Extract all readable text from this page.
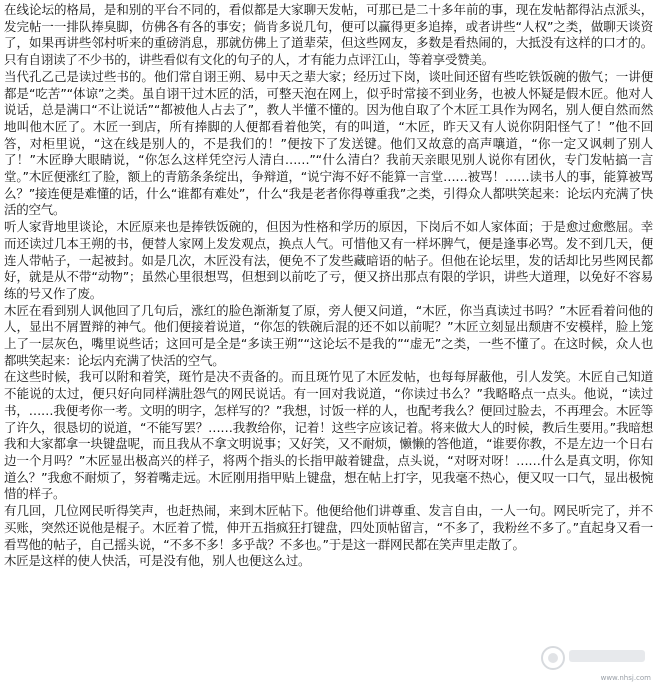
在线论坛的格局，是和别的平台不同的，看似都是大家聊天发帖，可那已是二十多年前的事，现在发帖都得沾点派头，发完帖一一排队捧臭脚，仿佛各有各的事安；倘肯多说几句，便可以赢得更多追捧，或者讲些“人权”之类，做聊天谈资了，如果再讲些邻村听来的重磅消息，那就仿佛上了道辈荣，但这些网友，多数是看热闹的，大抵没有这样的口才的。只有自诩读了不少书的，讲些看似有文化的句子的人，才有能力点评江山，等着享受赞美。

当代孔乙己是读过些书的。他们常自诩王朔、易中天之辈大家；经历过下岗，谈吐间还留有些吃铁饭碗的傲气；一讲便都是“吃苦”“体谅”之类。虽自诩干过木匠的活，可整天泡在网上，似乎时常接不到业务，也被人怀疑是假木匠。他对人说话，总是满口“不让说话”“都被他人占去了”，教人半懂不懂的。因为他自取了个木匠工具作为网名，别人便自然而然地叫他木匠了。木匠一到店，所有捧脚的人便都看着他笑，有的叫道，“木匠，昨天又有人说你阴阳怪气了！”他不回答，对柜里说，“这在线是别人的，不是我们的！”便按下了发送键。他们又故意的高声嚷道，“你一定又讽刺了别人了！”木匠睁大眼睛说，“你怎么这样凭空污人清白……”“什么清白？我前天亲眼见别人说你有团伙，专门发帖搞一言堂。”木匠便涨红了脸，额上的青筋条条绽出，争辩道，“说宁海不好不能算一言堂……被骂！……读书人的事，能算被骂么？”接连便是难懂的话，什么“谁都有难处”，什么“我是老者你得尊重我”之类，引得众人都哄笑起来：论坛内充满了快活的空气。

听人家背地里谈论，木匠原来也是捧铁饭碗的，但因为性格和学历的原因，下岗后不如人家体面；于是愈过愈憋屈。幸而还读过几本王朔的书，便替人家网上发发观点，换点人气。可惜他又有一样坏脾气，便是逢事必骂。发不到几天，便连人带帖子，一起被封。如是几次，木匠没有法，便免不了发些藏暗语的帖子。但他在论坛里，发的话却比另些网民都好，就是从不带“动物”；虽然心里很想骂，但想到以前吃了亏，便又挤出那点有限的学识，讲些大道理，以免好不容易练的号又作了废。

木匠在看到别人讽他回了几句后，涨红的脸色渐渐复了原，旁人便又问道，“木匠，你当真读过书吗？”木匠看着问他的人，显出不屑置辩的神气。他们便接着说道，“你怎的铁碗后混的还不如以前呢？”木匠立刻显出颓唐不安模样，脸上笼上了一层灰色，嘴里说些话；这回可是全是“多读王朔”“这论坛不是我的”“虚无”之类，一些不懂了。在这时候，众人也都哄笑起来：论坛内充满了快活的空气。

在这些时候，我可以附和着笑，斑竹是决不责备的。而且斑竹见了木匠发帖，也每每屏蔽他，引人发笑。木匠自己知道不能说的太过，便只好向同样满肚怨气的网民说话。有一回对我说道，“你读过书么？”我略略点一点头。他说，“读过书，……我便考你一考。文明的明字，怎样写的？”我想，讨饭一样的人，也配考我么？便回过脸去，不再理会。木匠等了许久，很恳切的说道，“不能写罢？……我教给你，记着！这些字应该记着。将来做大人的时候，教后生要用。”我暗想我和大家都拿一块键盘呢，而且我从不拿文明说事；又好笑，又不耐烦，懒懒的答他道，“谁要你教，不是左边一个日右边一个月吗？”木匠显出极高兴的样子，将两个指头的长指甲敲着键盘，点头说，“对呀对呀！……什么是真文明，你知道么？”我愈不耐烦了，努着嘴走远。木匠刚用指甲贴上键盘，想在帖上打字，见我毫不热心，便又叹一口气，显出极惋惜的样子。

有几回，几位网民听得笑声，也赶热闹，来到木匠帖下。他便给他们讲尊重、发言自由，一人一句。网民听完了，并不买账，突然还说他是棍子。木匠着了慌，伸开五指疯狂打键盘，四处顶帖留言，“不多了，我粉丝不多了。”直起身又看一看骂他的帖子，自己摇头说，“不多不多！多乎哉？不多也。”于是这一群网民都在笑声里走散了。

木匠是这样的使人快活，可是没有他，别人也便这么过。

www.nhsj.com
